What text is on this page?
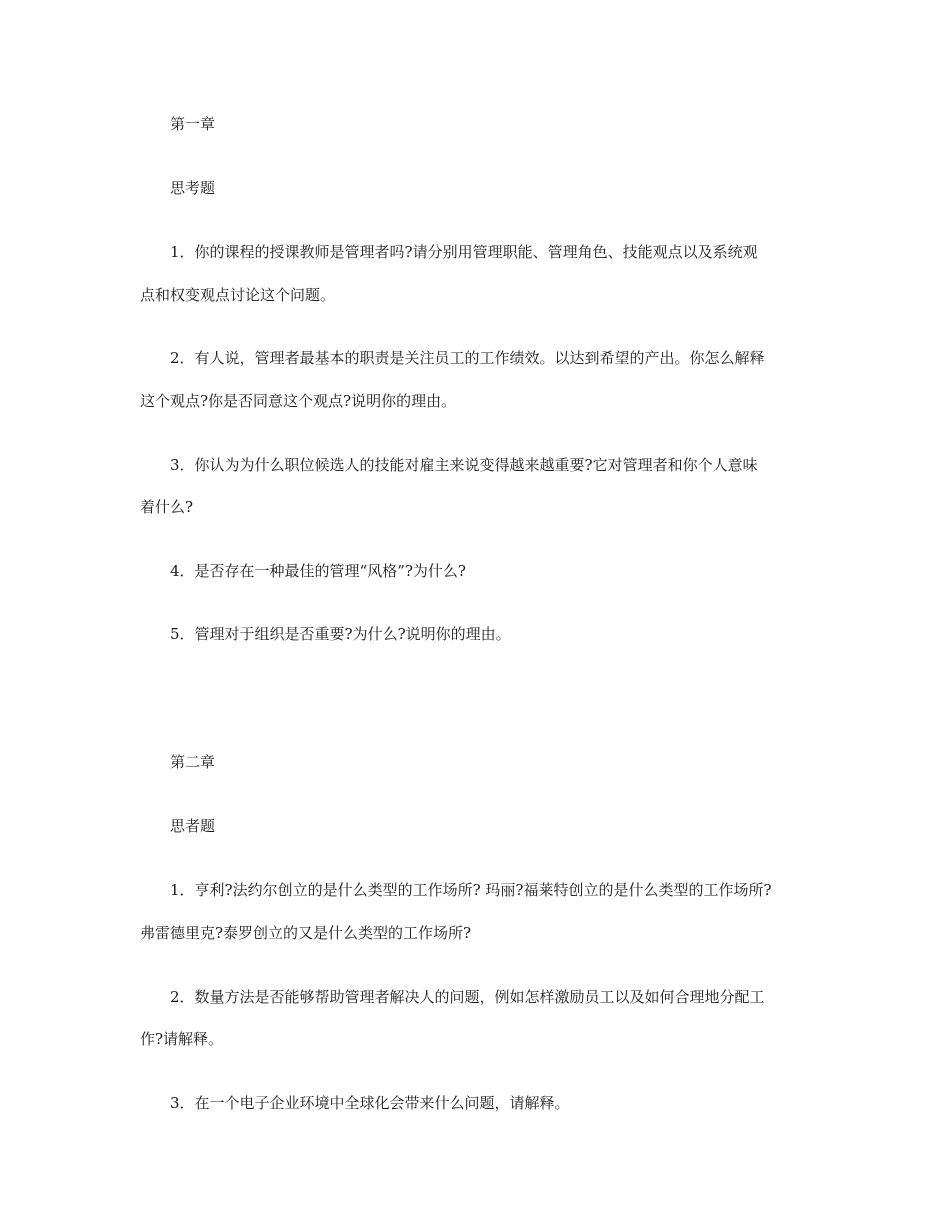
第一章
思考题
1．你的课程的授课教师是管理者吗?请分别用管理职能、管理角色、技能观点以及系统观
点和权变观点讨论这个问题。
2．有人说，管理者最基本的职责是关注员工的工作绩效。以达到希望的产出。你怎么解释
这个观点?你是否同意这个观点?说明你的理由。
3．你认为为什么职位候选人的技能对雇主来说变得越来越重要?它对管理者和你个人意味
着什么?
4．是否存在一种最佳的管理“风格”?为什么?
5．管理对于组织是否重要?为什么?说明你的理由。
第二章
思者题
1．亨利?法约尔创立的是什么类型的工作场所? 玛丽?福莱特创立的是什么类型的工作场所?
弗雷德里克?泰罗创立的又是什么类型的工作场所?
2．数量方法是否能够帮助管理者解决人的问题，例如怎样激励员工以及如何合理地分配工
作?请解释。
3．在一个电子企业环境中全球化会带来什么问题，请解释。
